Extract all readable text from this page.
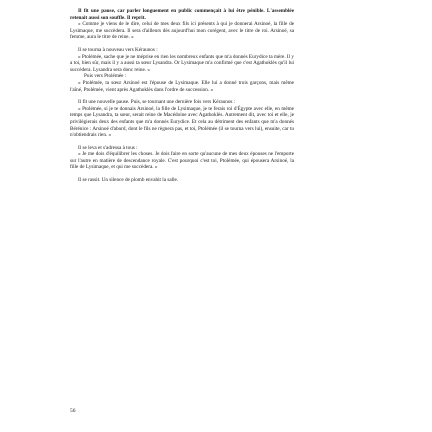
Il fit une pause, car parler longuement en public commençait à lui être pénible. L'assemblée retenait aussi son souffle. Il reprit.

« Comme je viens de le dire, celui de mes deux fils ici présents à qui je donnerai Arsinoé, la fille de Lysimaque, me succèdera. Il sera d'ailleurs dès aujourd'hui mon corégent, avec le titre de roi. Arsinoé, sa femme, aura le titre de reine. »

Il se tourna à nouveau vers Kéraunos :

« Ptolémée, sache que je ne méprise en rien les nombreux enfants que m'a donnés Eurydice ta mère. Il y a toi, bien sûr, mais il y a aussi ta sœur Lysandra. Or Lysimaque m'a confirmé que c'est Agathoklès qu'il lui succèdera. Lysandra sera donc reine. »

Puis vers Ptolémée :

« Ptolémée, ta sœur Arsinoé est l'épouse de Lysimaque. Elle lui a donné trois garçons, mais même l'aîné, Ptolémée, vient après Agathoklès dans l'ordre de succession. »

Il fit une nouvelle pause. Puis, se tournant une dernière fois vers Kéraunos :

« Ptolémée, si je te donnais Arsinoé, la fille de Lysimaque, je te ferais roi d'Égypte avec elle, en même temps que Lysandra, ta sœur, serait reine de Macédoine avec Agathoklès. Autrement dit, avec toi et elle, je privilégierais deux des enfants que m'a donnés Eurydice. Et cela au détriment des enfants que m'a donnés Bérénice : Arsinoé d'abord, dont le fils ne règnera pas, et toi, Ptolémée (il se tourna vers lui), ensuite, car tu n'obtiendrais rien. »

Il se leva et s'adressa à tous :

« Je me dois d'équilibrer les choses. Je dois faire en sorte qu'aucune de mes deux épouses ne l'emporte sur l'autre en matière de descendance royale. C'est pourquoi c'est toi, Ptolémée, qui épousera Arsinoé, la fille de Lysimaque, et qui me succèdera. »

Il se rassit. Un silence de plomb envahit la salle.

56
